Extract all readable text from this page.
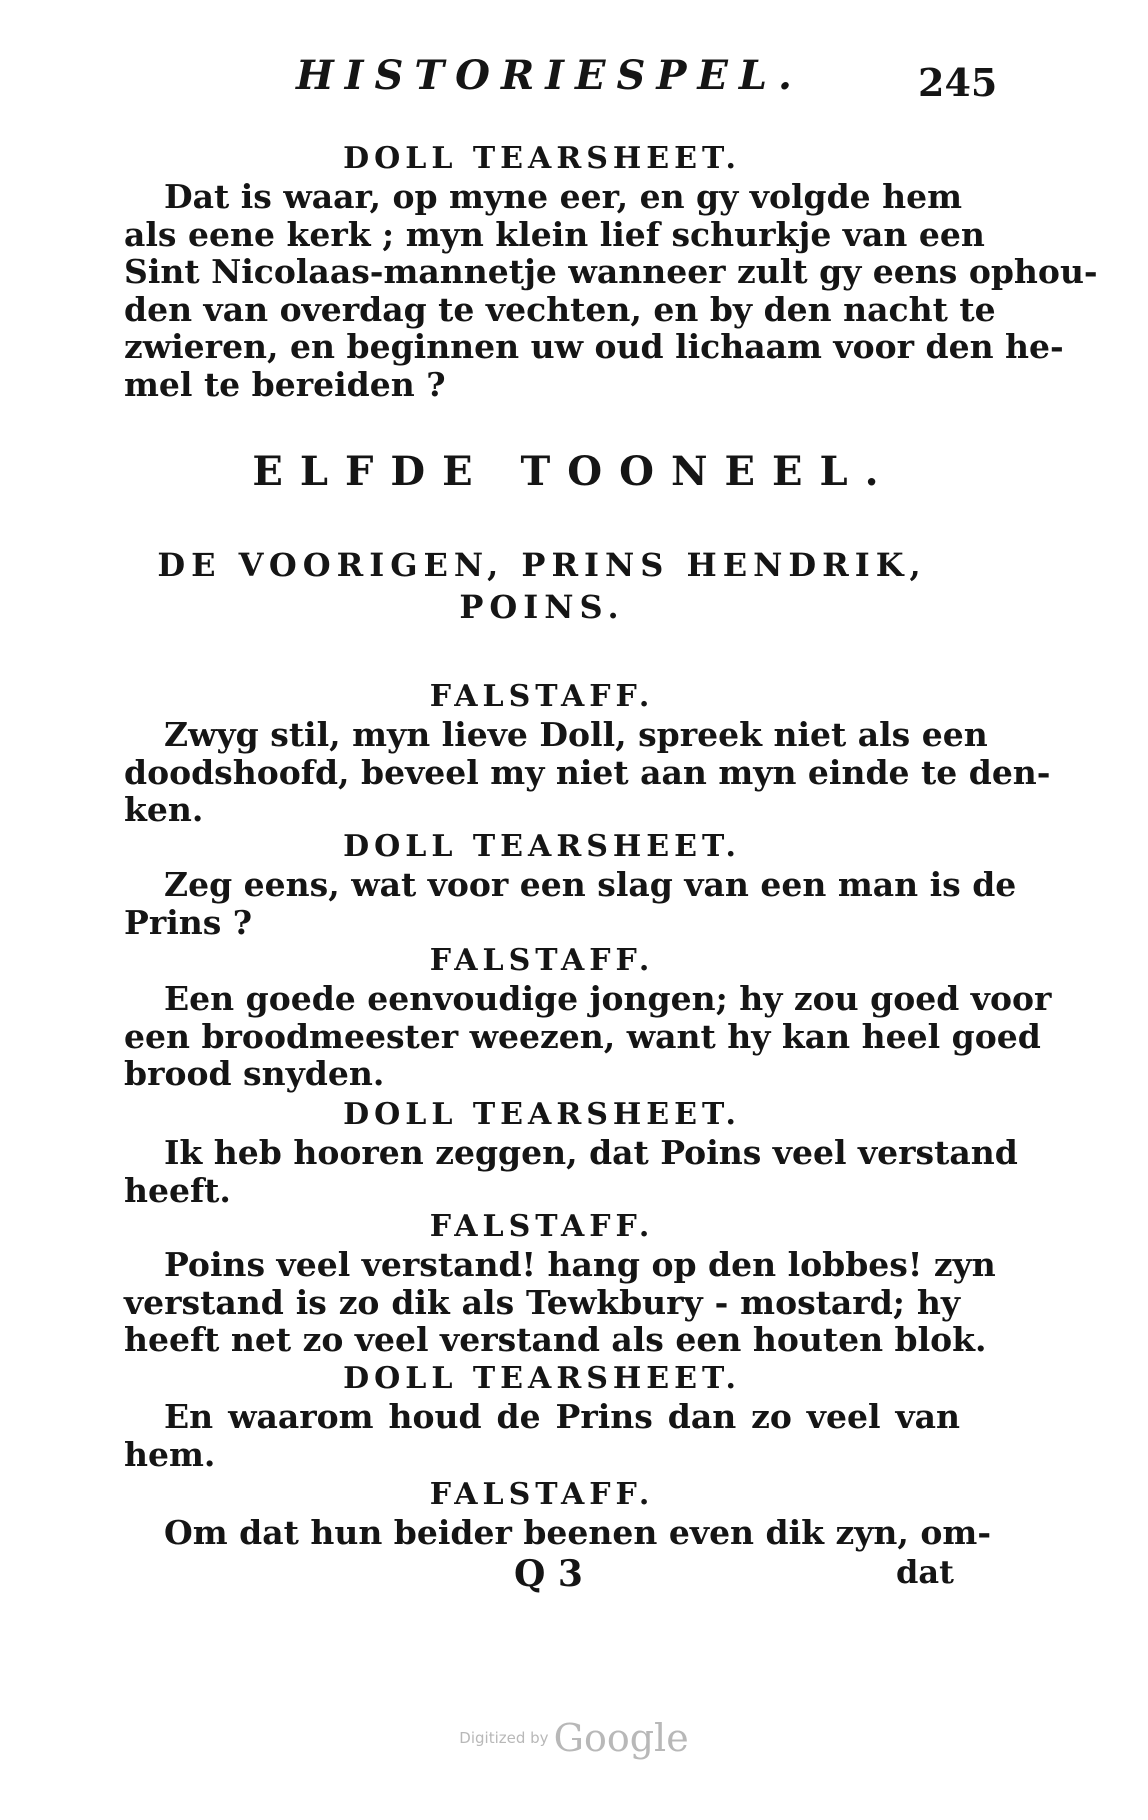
HISTORIESPEL.	245

DOLL TEARSHEET.

Dat is waar, op myne eer, en gy volgde hem
als eene kerk ; myn klein lief schurkje van een
Sint Nicolaas-mannetje wanneer zult gy eens ophou-
den van overdag te vechten, en by den nacht te
zwieren, en beginnen uw oud lichaam voor den he-
mel te bereiden ?

ELFDE TOONEEL.
DE VOORIGEN, PRINS HENDRIK,
POINS.

FALSTAFF.

Zwyg stil, myn lieve Doll, spreek niet als een
doodshoofd, beveel my niet aan myn einde te den-
ken.

DOLL TEARSHEET.

Zeg eens, wat voor een slag van een man is de
Prins ?

FALSTAFF.

Een goede eenvoudige jongen; hy zou goed voor
een broodmeester weezen, want hy kan heel goed
brood snyden.

DOLL TEARSHEET.

Ik heb hooren zeggen, dat Poins veel verstand
heeft.

FALSTAFF.

Poins veel verstand! hang op den lobbes! zyn
verstand is zo dik als Tewkbury - mostard; hy
heeft net zo veel verstand als een houten blok.

DOLL TEARSHEET.

En waarom houd de Prins dan zo veel van
hem.

FALSTAFF.

Om dat hun beider beenen even dik zyn, om-

Q 3	dat
Digitized by Google
